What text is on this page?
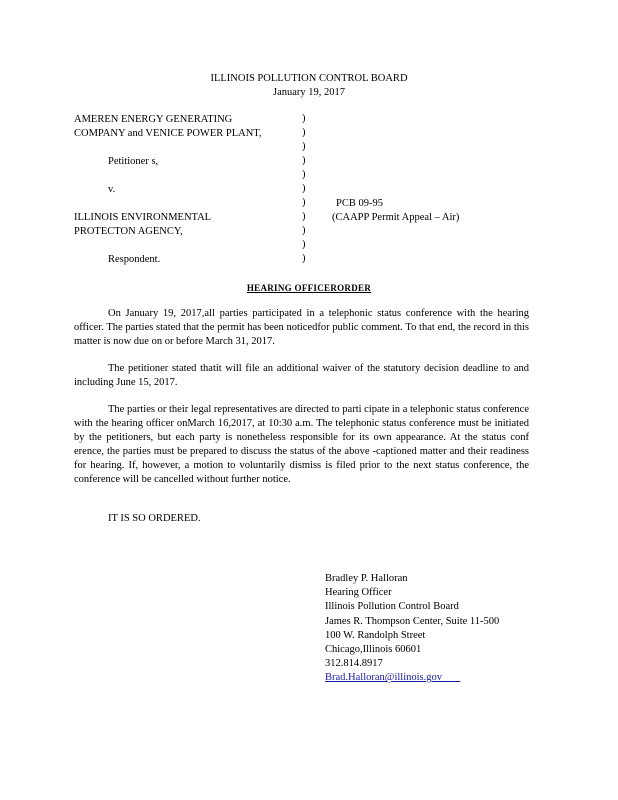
ILLINOIS POLLUTION CONTROL BOARD
January 19, 2017
AMEREN ENERGY GENERATING
COMPANY and VENICE POWER PLANT,
Petitioner s,
v.
ILLINOIS ENVIRONMENTAL
PROTECTON AGENCY,
Respondent.
)
)
)
)
)
)
)
)
)
)
)
PCB 09-95
(CAAPP Permit Appeal – Air)
HEARING OFFICERORDER
On January 19, 2017,all parties participated in a telephonic status conference with the hearing officer. The parties stated that the permit has been noticedfor public comment. To that end, the record in this matter is now due on or before March 31, 2017.
The petitioner stated thatit will file an additional waiver of the statutory decision deadline to and including June 15, 2017.
The parties or their legal representatives are directed to parti cipate in a telephonic status conference with the hearing officer onMarch 16,2017, at 10:30 a.m. The telephonic status conference must be initiated by the petitioners, but each party is nonetheless responsible for its own appearance. At the status conf erence, the parties must be prepared to discuss the status of the above -captioned matter and their readiness for hearing. If, however, a motion to voluntarily dismiss is filed prior to the next status conference, the conference will be cancelled without further notice.
IT IS SO ORDERED.
Bradley P. Halloran
Hearing Officer
Illinois Pollution Control Board
James R. Thompson Center, Suite 11-500
100 W. Randolph Street
Chicago,Illinois 60601
312.814.8917
Brad.Halloran@illinois.gov
